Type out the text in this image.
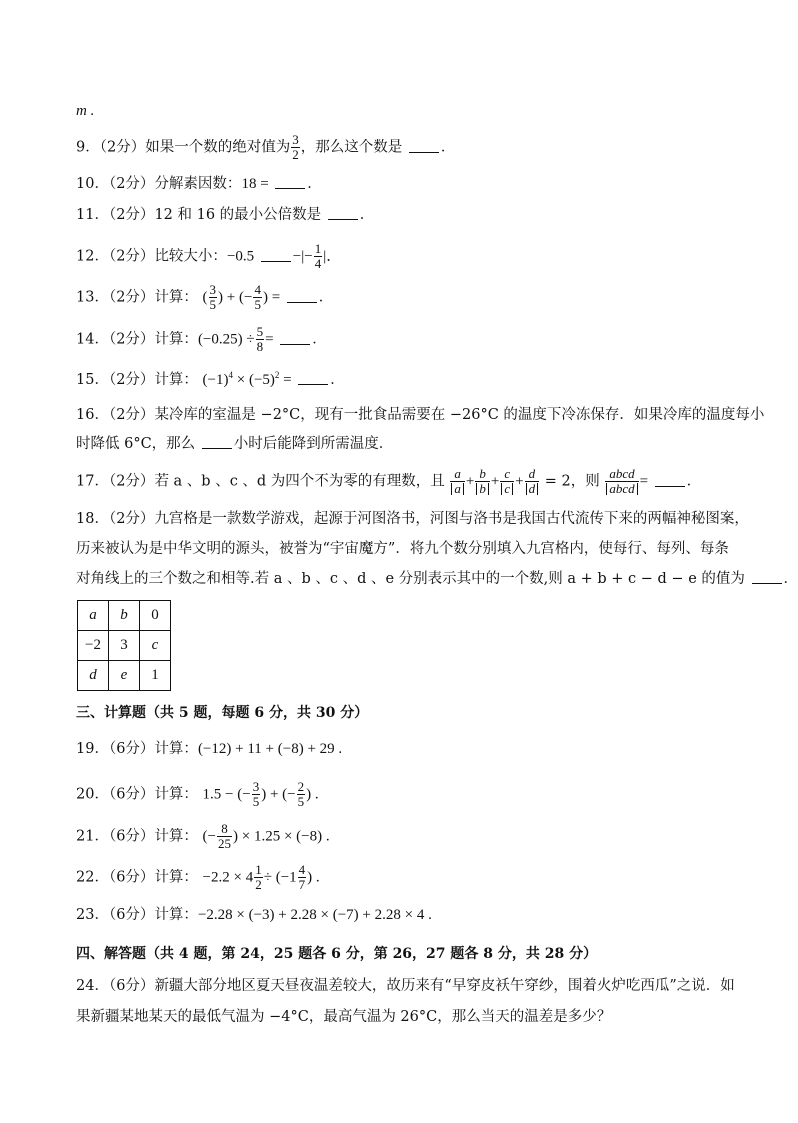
m .
9．（2分）如果一个数的绝对值为 $\frac{3}{2}$ ，那么这个数是	．
10．（2分）分解素因数：18 =	．
11．（2分）12 和 16 的最小公倍数是	．
12．（2分）比较大小：−0.5	−|− $\frac{1}{4}$ |．
13．（2分）计算： ( $\frac{3}{5}$ ) + (− $\frac{4}{5}$ ) =	．
14．（2分）计算：$(-0.25) \div \frac{5}{8}$ =	．
15．（2分）计算： $(-1)^4 \times (-5)^2$ =	．
16．（2分）某冷库的室温是 −2°C，现有一批食品需要在 −26°C 的温度下冷冻保存．如果冷库的温度每小
时降低 6°C，那么	小时后能降到所需温度．
17．（2分）若 a 、b 、c 、d 为四个不为零的有理数，且 $\frac{a}{a} + \frac{b}{b} + \frac{c}{c} + \frac{d}{d} = 2$，则 $\frac{\text{abcd}}{\text{abcd}}$ =	．
18．（2分）九宫格是一款数学游戏，起源于河图洛书，河图与洛书是我国古代流传下来的两幅神秘图案，
历来被认为是中华文明的源头，被誉为“宇宙魔方”．将九个数分别填入九宫格内，使每行、每列、每条
对角线上的三个数之和相等.若 a 、b 、c 、d 、e 分别表示其中的一个数,则 a + b + c − d − e 的值为	．
a	b	0
−2	3	c
d	e	1
三、计算题（共 5 题，每题 6 分，共 30 分）
19．（6分）计算：(−12) + 11 + (−8) + 29 .
20．（6分）计算： 1.5 − (− $\frac{3}{5}$ ) + (− $\frac{2}{5}$ ) .
21．（6分）计算： (− $\frac{8}{25}$ ) × 1.25 × (−8) .
22．（6分）计算： $-2.2 \times 4 \frac{1}{2} \div (-1 \frac{4}{7}$ ) .
23．（6分）计算：−2.28 × (−3) + 2.28 × (−7) + 2.28 × 4 .
四、解答题（共 4 题，第 24，25 题各 6 分，第 26，27 题各 8 分，共 28 分）
24．（6分）新疆大部分地区夏天昼夜温差较大，故历来有“早穿皮袄午穿纱，围着火炉吃西瓜”之说．如
果新疆某地某天的最低气温为 −4°C，最高气温为 26°C，那么当天的温差是多少？
